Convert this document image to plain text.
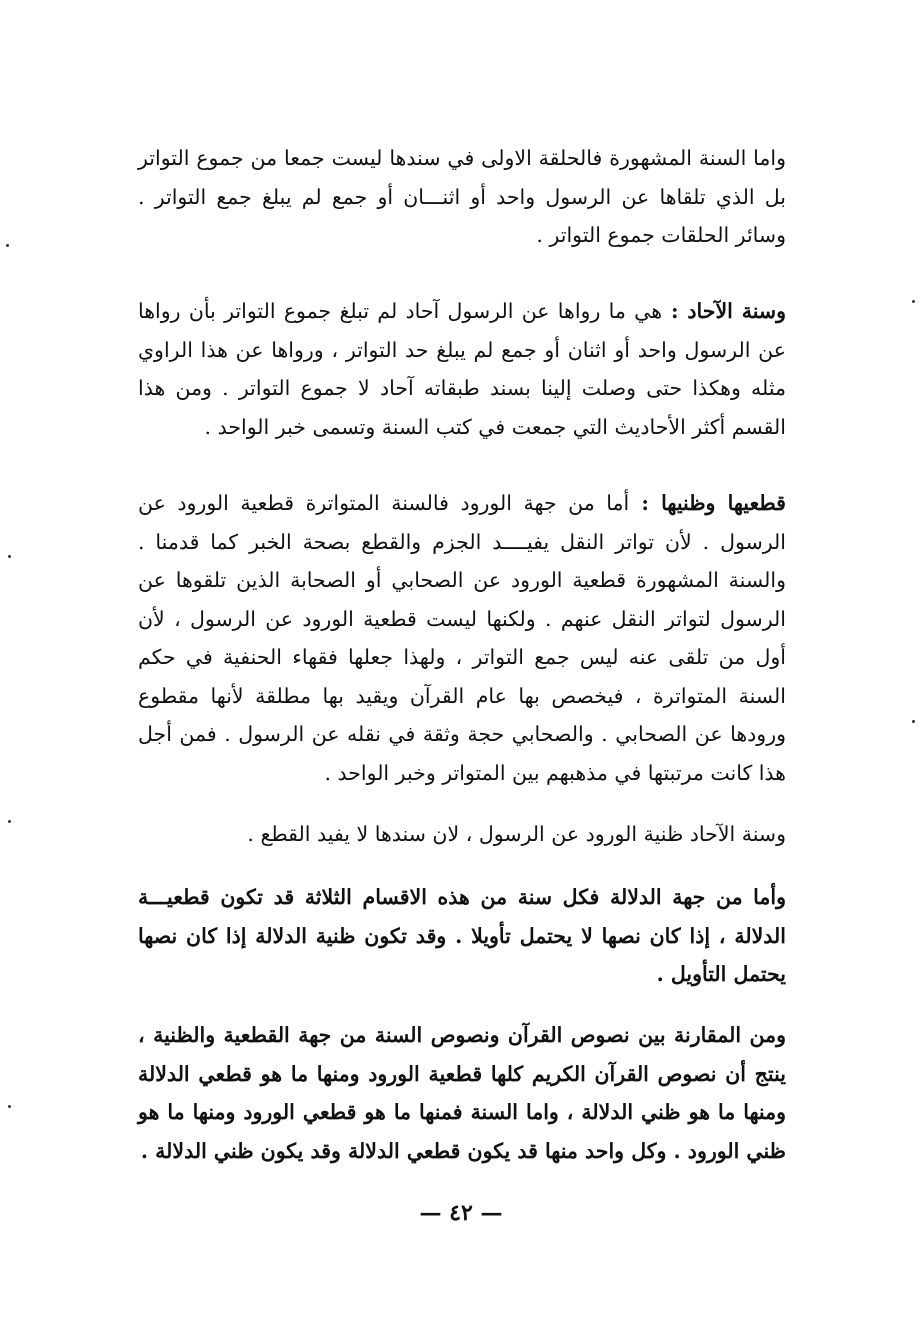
واما السنة المشهورة فالحلقة الاولى في سندها ليست جمعا من جموع التواتر بل الذي تلقاها عن الرسول واحد أو اثنـــان أو جمع لم يبلغ جمع التواتر . وسائر الحلقات جموع التواتر .

وسنة الآحاد : هي ما رواها عن الرسول آحاد لم تبلغ جموع التواتر بأن رواها عن الرسول واحد أو اثنان أو جمع لم يبلغ حد التواتر ، ورواها عن هذا الراوي مثله وهكذا حتى وصلت إلينا بسند طبقاته آحاد لا جموع التواتر . ومن هذا القسم أكثر الأحاديث التي جمعت في كتب السنة وتسمى خبر الواحد .

قطعيها وظنيها : أما من جهة الورود فالسنة المتواترة قطعية الورود عن الرسول . لأن تواتر النقل يفيــــد الجزم والقطع بصحة الخبر كما قدمنا . والسنة المشهورة قطعية الورود عن الصحابي أو الصحابة الذين تلقوها عن الرسول لتواتر النقل عنهم . ولكنها ليست قطعية الورود عن الرسول ، لأن أول من تلقى عنه ليس جمع التواتر ، ولهذا جعلها فقهاء الحنفية في حكم السنة المتواترة ، فيخصص بها عام القرآن ويقيد بها مطلقة لأنها مقطوع ورودها عن الصحابي . والصحابي حجة وثقة في نقله عن الرسول . فمن أجل هذا كانت مرتبتها في مذهبهم بين المتواتر وخبر الواحد .

وسنة الآحاد ظنية الورود عن الرسول ، لان سندها لا يفيد القطع .

وأما من جهة الدلالة فكل سنة من هذه الاقسام الثلاثة قد تكون قطعيـــة الدلالة ، إذا كان نصها لا يحتمل تأويلا . وقد تكون ظنية الدلالة إذا كان نصها يحتمل التأويل .

ومن المقارنة بين نصوص القرآن ونصوص السنة من جهة القطعية والظنية ، ينتج أن نصوص القرآن الكريم كلها قطعية الورود ومنها ما هو قطعي الدلالة ومنها ما هو ظني الدلالة ، واما السنة فمنها ما هو قطعي الورود ومنها ما هو ظني الورود . وكل واحد منها قد يكون قطعي الدلالة وقد يكون ظني الدلالة .

— ٤٢ —
